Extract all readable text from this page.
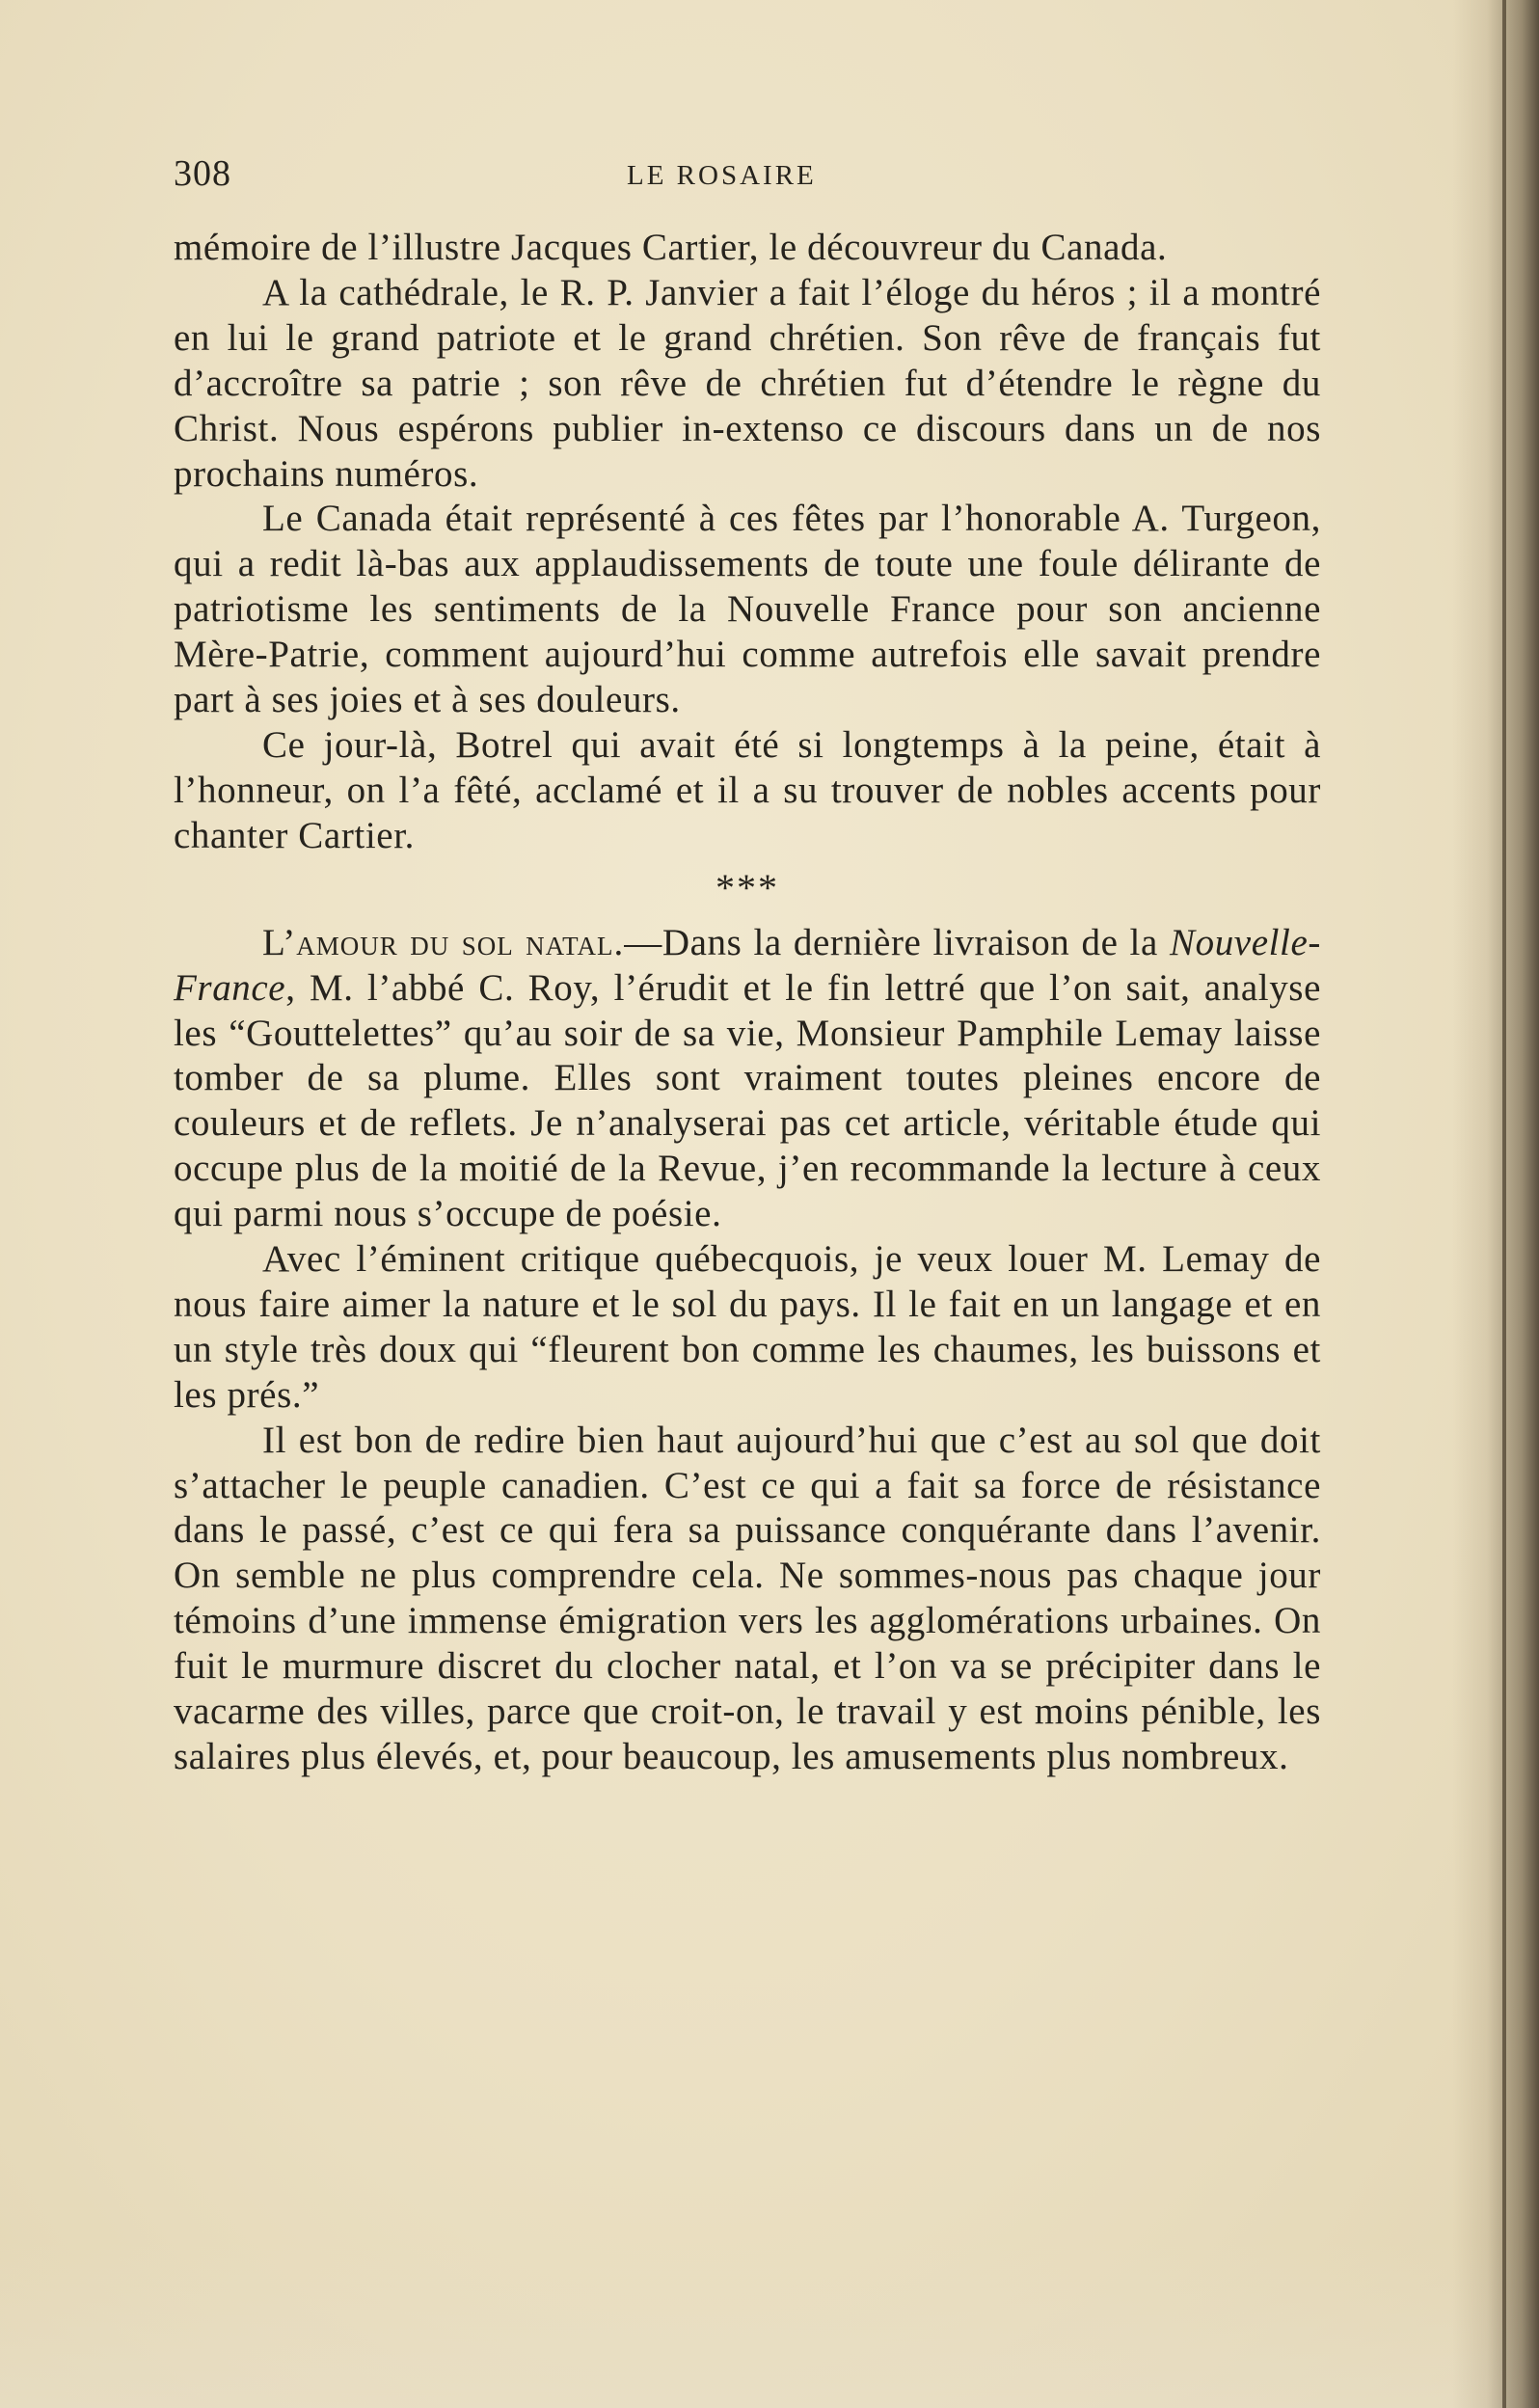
308	LE ROSAIRE

mémoire de l’illustre Jacques Cartier, le découvreur du Canada.

A la cathédrale, le R. P. Janvier a fait l’éloge du héros ; il a montré en lui le grand patriote et le grand chrétien. Son rêve de français fut d’accroître sa patrie ; son rêve de chrétien fut d’étendre le règne du Christ. Nous espérons publier in-extenso ce discours dans un de nos prochains numéros.

Le Canada était représenté à ces fêtes par l’honorable A. Turgeon, qui a redit là-bas aux applaudissements de toute une foule délirante de patriotisme les sentiments de la Nouvelle France pour son ancienne Mère-Patrie, comment aujourd’hui comme autrefois elle savait prendre part à ses joies et à ses douleurs.

Ce jour-là, Botrel qui avait été si longtemps à la peine, était à l’honneur, on l’a fêté, acclamé et il a su trouver de nobles accents pour chanter Cartier.

***

L’amour du sol natal.—Dans la dernière livraison de la Nouvelle-France, M. l’abbé C. Roy, l’érudit et le fin lettré que l’on sait, analyse les “Gouttelettes” qu’au soir de sa vie, Monsieur Pamphile Lemay laisse tomber de sa plume. Elles sont vraiment toutes pleines encore de couleurs et de reflets. Je n’analyserai pas cet article, véritable étude qui occupe plus de la moitié de la Revue, j’en recommande la lecture à ceux qui parmi nous s’occupe de poésie.

Avec l’éminent critique québecquois, je veux louer M. Lemay de nous faire aimer la nature et le sol du pays. Il le fait en un langage et en un style très doux qui “fleurent bon comme les chaumes, les buissons et les prés.”

Il est bon de redire bien haut aujourd’hui que c’est au sol que doit s’attacher le peuple canadien. C’est ce qui a fait sa force de résistance dans le passé, c’est ce qui fera sa puissance conquérante dans l’avenir. On semble ne plus comprendre cela. Ne sommes-nous pas chaque jour témoins d’une immense émigration vers les agglomérations urbaines. On fuit le murmure discret du clocher natal, et l’on va se précipiter dans le vacarme des villes, parce que croit-on, le travail y est moins pénible, les salaires plus élevés, et, pour beaucoup, les amusements plus nombreux.
